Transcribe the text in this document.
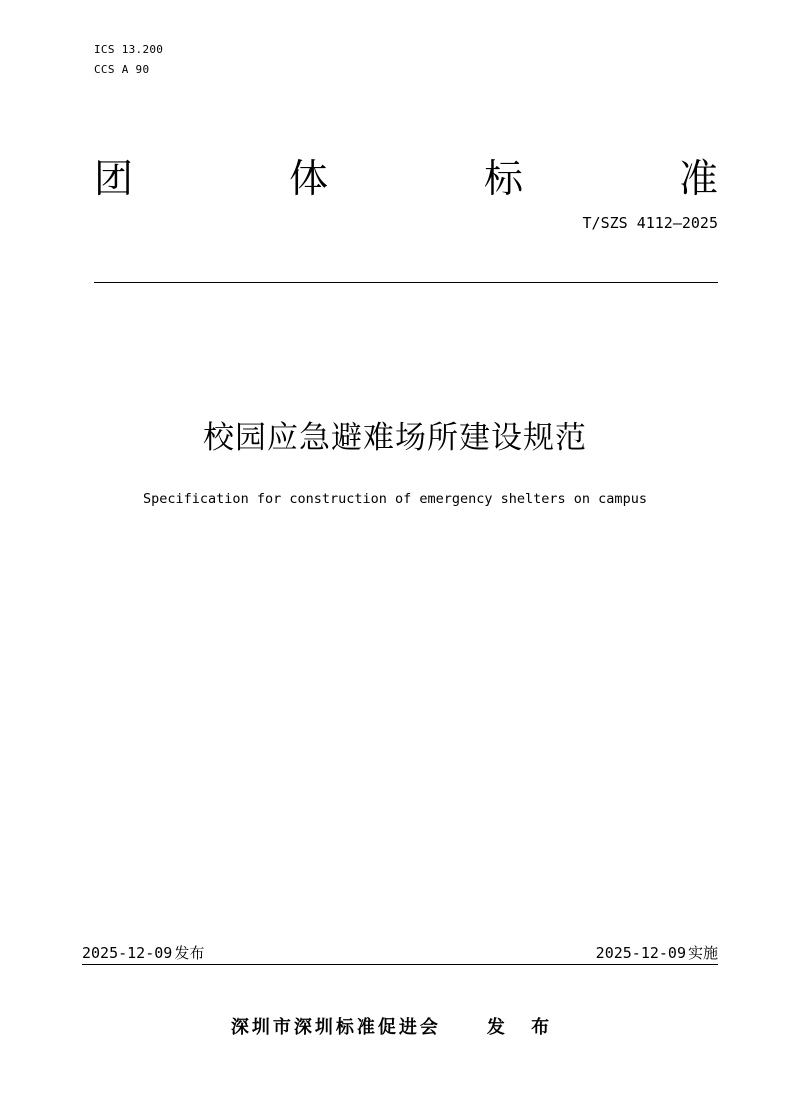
ICS 13.200
CCS A 90
团	体	标	准
T/SZS 4112—2025
校园应急避难场所建设规范
Specification for construction of emergency shelters on campus
2025-12-09 发布	2025-12-09 实施
深圳市深圳标准促进会	发 布
